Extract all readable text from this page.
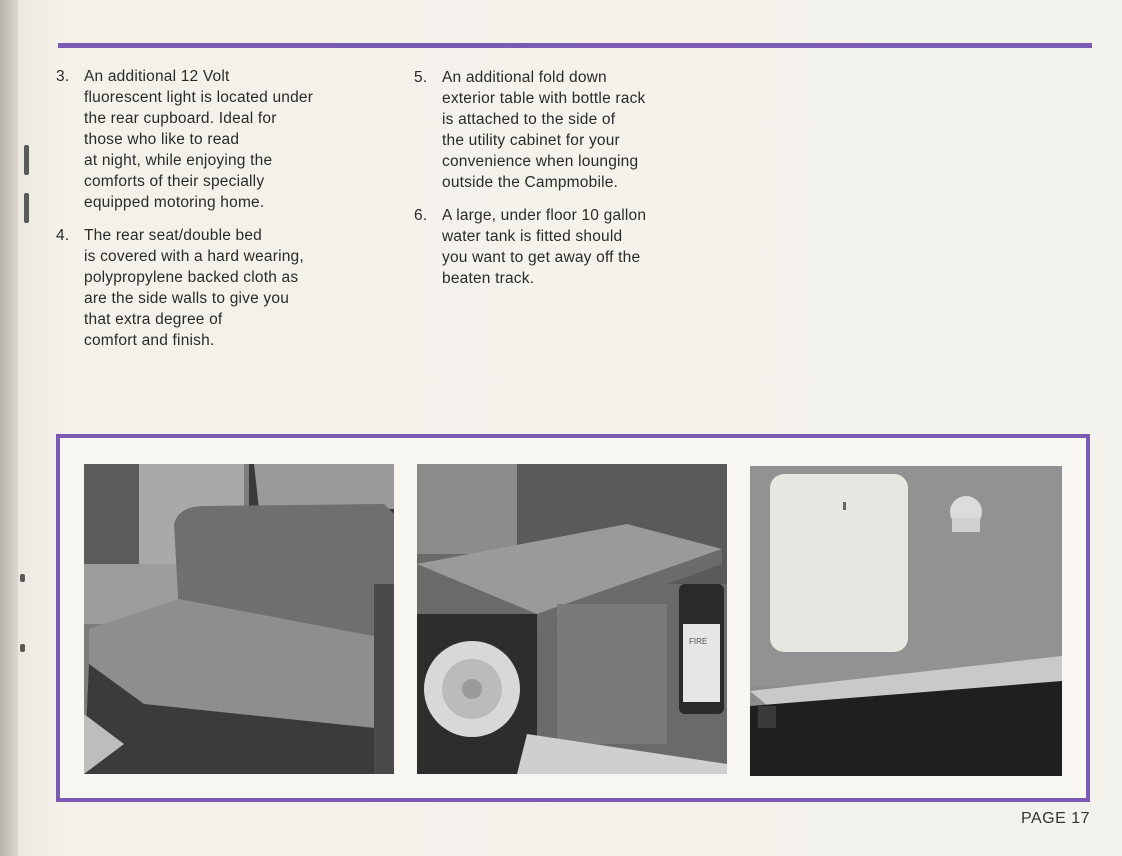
3. An additional 12 Volt
fluorescent light is located under
the rear cupboard. Ideal for
those who like to read
at night, while enjoying the
comforts of their specially
equipped motoring home.
4. The rear seat/double bed
is covered with a hard wearing,
polypropylene backed cloth as
are the side walls to give you
that extra degree of
comfort and finish.
5. An additional fold down
exterior table with bottle rack
is attached to the side of
the utility cabinet for your
convenience when lounging
outside the Campmobile.
6. A large, under floor 10 gallon
water tank is fitted should
you want to get away off the
beaten track.
FIRE
PAGE 17
